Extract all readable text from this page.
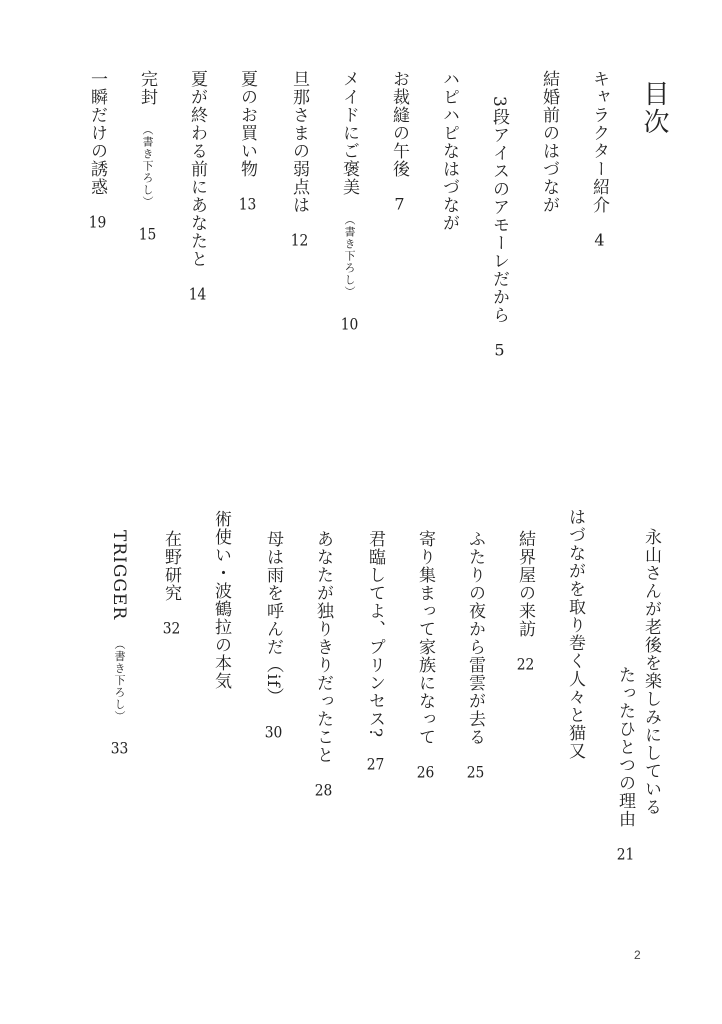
目次
キャラクター紹介4
結婚前のはづなが
3段アイスのアモーレだから5
ハピハピなはづなが
お裁縫の午後7
メイドにご褒美（書き下ろし）10
旦那さまの弱点は12
夏のお買い物13
夏が終わる前にあなたと14
完封（書き下ろし）15
一瞬だけの誘惑19
永山さんが老後を楽しみにしている
たったひとつの理由21
はづながを取り巻く人々と猫又
結界屋の来訪22
ふたりの夜から雷雲が去る25
寄り集まって家族になって26
君臨してよ、プリンセス?27
あなたが独りきりだったこと28
母は雨を呼んだ（if）30
術使い・波鶴拉の本気
在野研究32
TRIGGER（書き下ろし）33
2
